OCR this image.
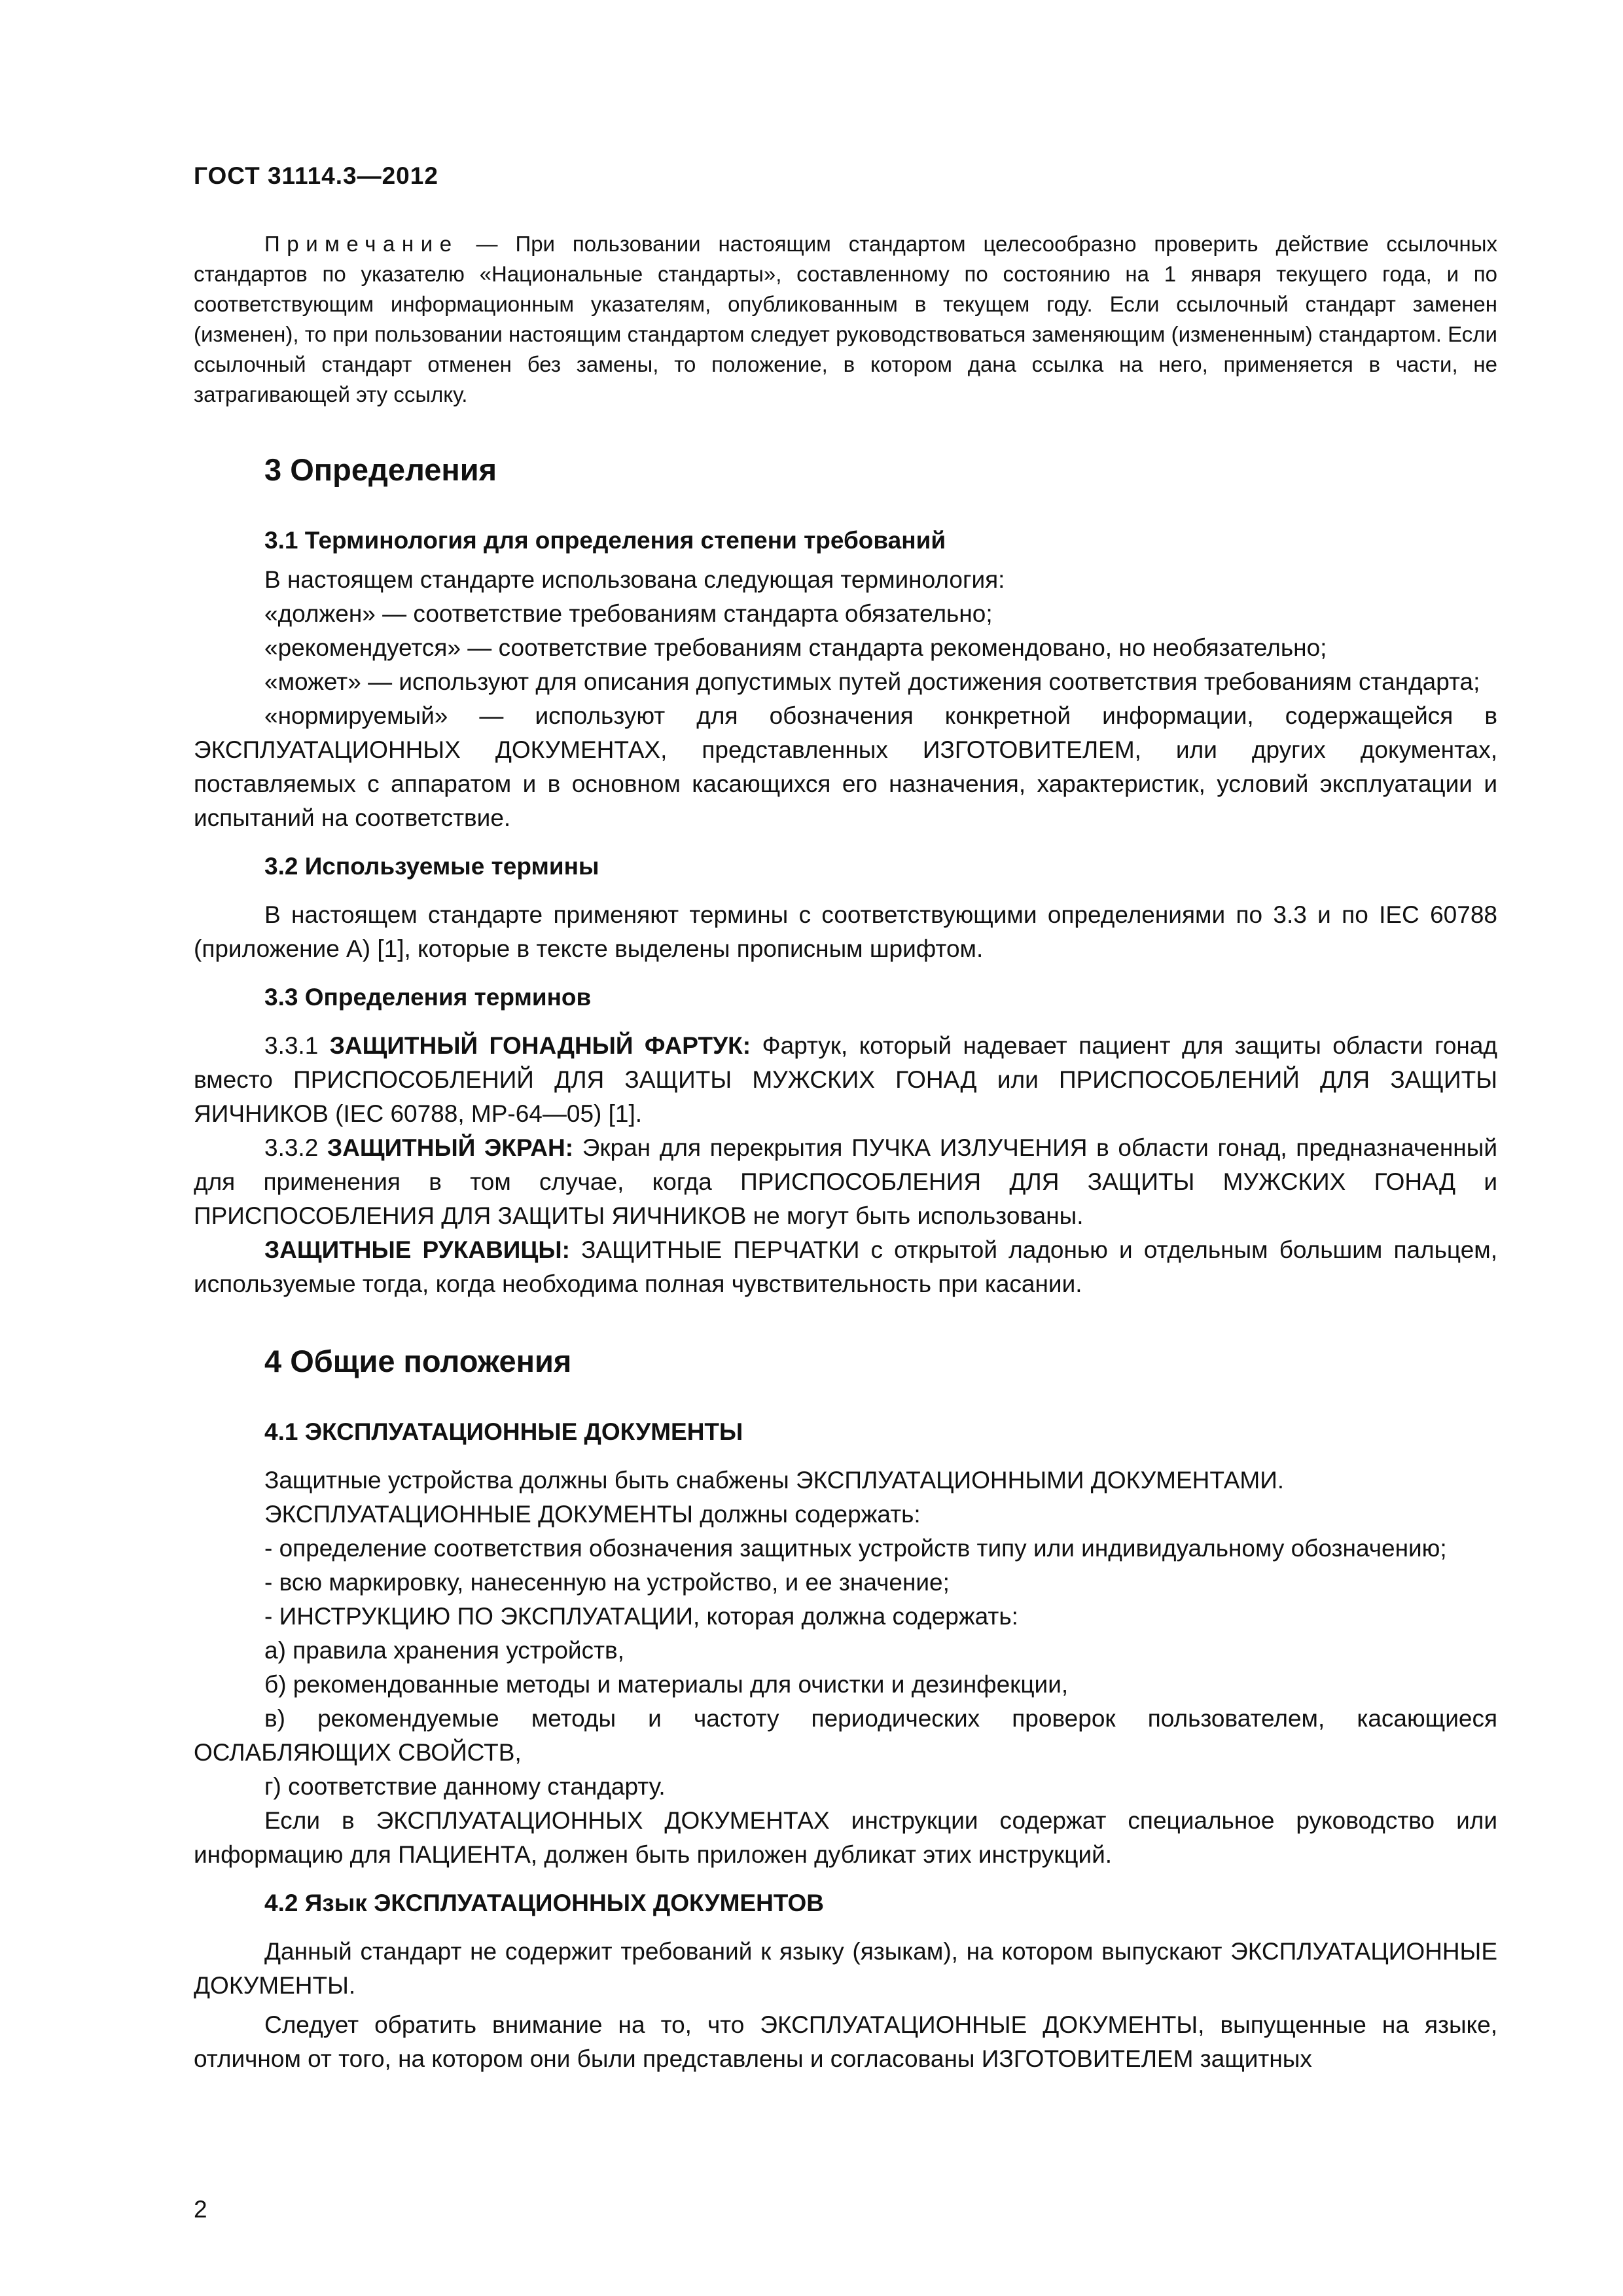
ГОСТ 31114.3—2012

Примечание — При пользовании настоящим стандартом целесообразно проверить действие ссылочных стандартов по указателю «Национальные стандарты», составленному по состоянию на 1 января текущего года, и по соответствующим информационным указателям, опубликованным в текущем году. Если ссылочный стандарт заменен (изменен), то при пользовании настоящим стандартом следует руководствоваться заменяющим (измененным) стандартом. Если ссылочный стандарт отменен без замены, то положение, в котором дана ссылка на него, применяется в части, не затрагивающей эту ссылку.

3 Определения
3.1 Терминология для определения степени требований

В настоящем стандарте использована следующая терминология:

«должен» — соответствие требованиям стандарта обязательно;

«рекомендуется» — соответствие требованиям стандарта рекомендовано, но необязательно;

«может» — используют для описания допустимых путей достижения соответствия требованиям стандарта;

«нормируемый» — используют для обозначения конкретной информации, содержащейся в ЭКСПЛУАТАЦИОННЫХ ДОКУМЕНТАХ, представленных ИЗГОТОВИТЕЛЕМ, или других документах, поставляемых с аппаратом и в основном касающихся его назначения, характеристик, условий эксплуатации и испытаний на соответствие.

3.2 Используемые термины

В настоящем стандарте применяют термины с соответствующими определениями по 3.3 и по IEC 60788 (приложение А) [1], которые в тексте выделены прописным шрифтом.

3.3 Определения терминов

3.3.1 ЗАЩИТНЫЙ ГОНАДНЫЙ ФАРТУК: Фартук, который надевает пациент для защиты области гонад вместо ПРИСПОСОБЛЕНИЙ ДЛЯ ЗАЩИТЫ МУЖСКИХ ГОНАД или ПРИСПОСОБЛЕНИЙ ДЛЯ ЗАЩИТЫ ЯИЧНИКОВ (IEC 60788, МР-64—05) [1].

3.3.2 ЗАЩИТНЫЙ ЭКРАН: Экран для перекрытия ПУЧКА ИЗЛУЧЕНИЯ в области гонад, предназначенный для применения в том случае, когда ПРИСПОСОБЛЕНИЯ ДЛЯ ЗАЩИТЫ МУЖСКИХ ГОНАД и ПРИСПОСОБЛЕНИЯ ДЛЯ ЗАЩИТЫ ЯИЧНИКОВ не могут быть использованы.

ЗАЩИТНЫЕ РУКАВИЦЫ: ЗАЩИТНЫЕ ПЕРЧАТКИ с открытой ладонью и отдельным большим пальцем, используемые тогда, когда необходима полная чувствительность при касании.

4 Общие положения
4.1 ЭКСПЛУАТАЦИОННЫЕ ДОКУМЕНТЫ

Защитные устройства должны быть снабжены ЭКСПЛУАТАЦИОННЫМИ ДОКУМЕНТАМИ.

ЭКСПЛУАТАЦИОННЫЕ ДОКУМЕНТЫ должны содержать:

- определение соответствия обозначения защитных устройств типу или индивидуальному обозначению;

- всю маркировку, нанесенную на устройство, и ее значение;

- ИНСТРУКЦИЮ ПО ЭКСПЛУАТАЦИИ, которая должна содержать:

а) правила хранения устройств,

б) рекомендованные методы и материалы для очистки и дезинфекции,

в) рекомендуемые методы и частоту периодических проверок пользователем, касающиеся ОСЛАБЛЯЮЩИХ СВОЙСТВ,

г) соответствие данному стандарту.

Если в ЭКСПЛУАТАЦИОННЫХ ДОКУМЕНТАХ инструкции содержат специальное руководство или информацию для ПАЦИЕНТА, должен быть приложен дубликат этих инструкций.

4.2 Язык ЭКСПЛУАТАЦИОННЫХ ДОКУМЕНТОВ

Данный стандарт не содержит требований к языку (языкам), на котором выпускают ЭКСПЛУАТАЦИОННЫЕ ДОКУМЕНТЫ.

Следует обратить внимание на то, что ЭКСПЛУАТАЦИОННЫЕ ДОКУМЕНТЫ, выпущенные на языке, отличном от того, на котором они были представлены и согласованы ИЗГОТОВИТЕЛЕМ защитных

2
